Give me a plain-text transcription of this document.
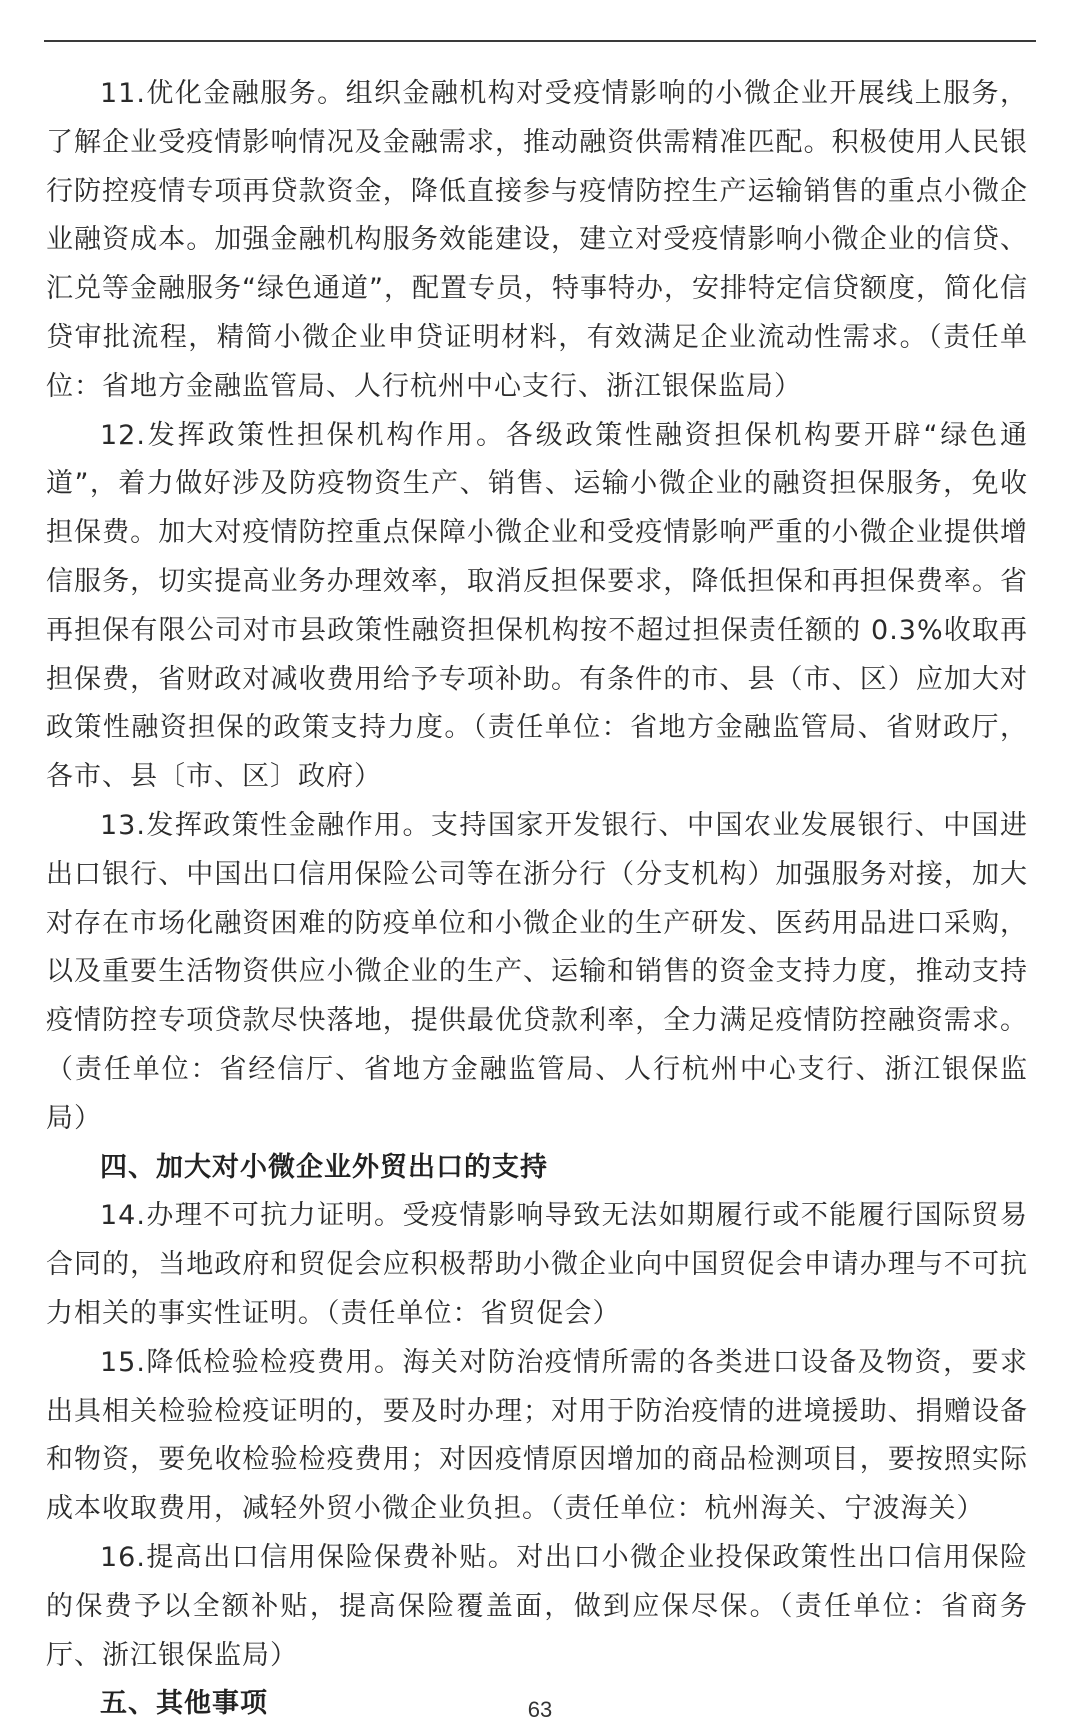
11.优化金融服务。组织金融机构对受疫情影响的小微企业开展线上服务，了解企业受疫情影响情况及金融需求，推动融资供需精准匹配。积极使用人民银行防控疫情专项再贷款资金，降低直接参与疫情防控生产运输销售的重点小微企业融资成本。加强金融机构服务效能建设，建立对受疫情影响小微企业的信贷、汇兑等金融服务“绿色通道”，配置专员，特事特办，安排特定信贷额度，简化信贷审批流程，精简小微企业申贷证明材料，有效满足企业流动性需求。（责任单位：省地方金融监管局、人行杭州中心支行、浙江银保监局）

12.发挥政策性担保机构作用。各级政策性融资担保机构要开辟“绿色通道”，着力做好涉及防疫物资生产、销售、运输小微企业的融资担保服务，免收担保费。加大对疫情防控重点保障小微企业和受疫情影响严重的小微企业提供增信服务，切实提高业务办理效率，取消反担保要求，降低担保和再担保费率。省再担保有限公司对市县政策性融资担保机构按不超过担保责任额的 0.3%收取再担保费，省财政对减收费用给予专项补助。有条件的市、县（市、区）应加大对政策性融资担保的政策支持力度。（责任单位：省地方金融监管局、省财政厅，各市、县〔市、区〕政府）

13.发挥政策性金融作用。支持国家开发银行、中国农业发展银行、中国进出口银行、中国出口信用保险公司等在浙分行（分支机构）加强服务对接，加大对存在市场化融资困难的防疫单位和小微企业的生产研发、医药用品进口采购，以及重要生活物资供应小微企业的生产、运输和销售的资金支持力度，推动支持疫情防控专项贷款尽快落地，提供最优贷款利率，全力满足疫情防控融资需求。（责任单位：省经信厅、省地方金融监管局、人行杭州中心支行、浙江银保监局）

四、加大对小微企业外贸出口的支持

14.办理不可抗力证明。受疫情影响导致无法如期履行或不能履行国际贸易合同的，当地政府和贸促会应积极帮助小微企业向中国贸促会申请办理与不可抗力相关的事实性证明。（责任单位：省贸促会）

15.降低检验检疫费用。海关对防治疫情所需的各类进口设备及物资，要求出具相关检验检疫证明的，要及时办理；对用于防治疫情的进境援助、捐赠设备和物资，要免收检验检疫费用；对因疫情原因增加的商品检测项目，要按照实际成本收取费用，减轻外贸小微企业负担。（责任单位：杭州海关、宁波海关）

16.提高出口信用保险保费补贴。对出口小微企业投保政策性出口信用保险的保费予以全额补贴，提高保险覆盖面，做到应保尽保。（责任单位：省商务厅、浙江银保监局）

五、其他事项	63
